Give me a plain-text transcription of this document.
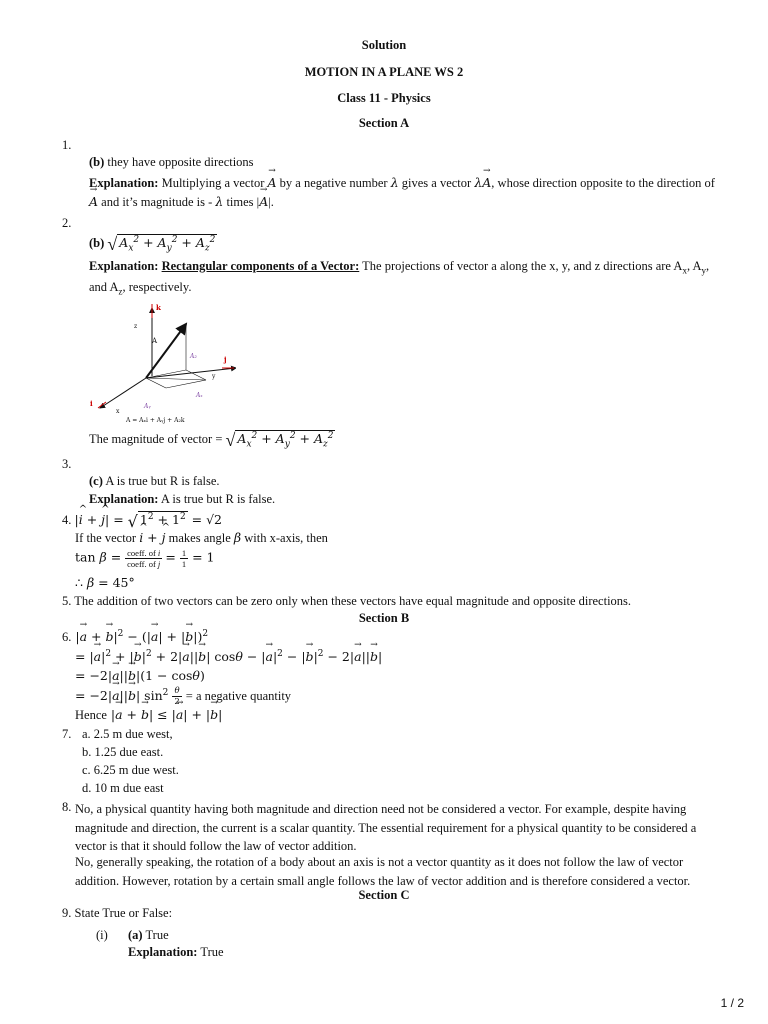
Solution
MOTION IN A PLANE WS 2
Class 11 - Physics
Section A
1.
(b) they have opposite directions
Explanation: Multiplying a vector → A by a negative number λ gives a vector λ→ A, whose direction opposite to the direction of
→ A and it’s magnitude is - λ times |→ A|.
2.
(b) √ $A_x^2 + A_y^2 + A_z^2$
Explanation: Rectangular components of a Vector: The projections of vector a along the x, y, and z directions are $A_x$, $A_y$,
and $A_z$, respectively.
k
j
i
z
y
x
A
A₂
Aₓ
Aᵧ
A = Aₓi + Aᵧj + A₂k
The magnitude of vector = √ $A_x^2 + A_y^2 + A_z^2$
3.
(c) A is true but R is false.
Explanation: A is true but R is false.
4. |^ i + ^ j| = √ $1^2 + 1^2 = √2$
If the vector ^ i + ^ j makes angle β with x-axis, then
$\tan \beta = \frac{\text{coeff. of i}}{\text{coeff. of j}} = \frac{1}{1} = 1$
∴ β = 45°
5. The addition of two vectors can be zero only when these vectors have equal magnitude and opposite directions.
Section B
6. |→ a + → $b|^2$ − (|→ a| + |→ b|)$^2$
= |→ $a|^2$ + |→ $b|^2 + 2|\to a||\to b|$ cosθ − |→ $a|^2$ − |→ $b|^2 - 2|\to a||\to b|$
= −2|→ a||→ b|(1 − cosθ)
= −2|→ a||→ b| $\sin^2 \frac{\theta}{2} = a$ negative quantity
Hence |→ a + → b| ≤ |→ a| + |→ b|
7. a. 2.5 m due west,
b. 1.25 due east.
c. 6.25 m due west.
d. 10 m due east
8. No, a physical quantity having both magnitude and direction need not be considered a vector. For example, despite having magnitude and direction, the current is a scalar quantity. The essential requirement for a physical quantity to be considered a vector is that it should follow the law of vector addition.
No, generally speaking, the rotation of a body about an axis is not a vector quantity as it does not follow the law of vector addition. However, rotation by a certain small angle follows the law of vector addition and is therefore considered a vector.
Section C
9. State True or False:
(i) (a) True
Explanation: True
1 / 2
